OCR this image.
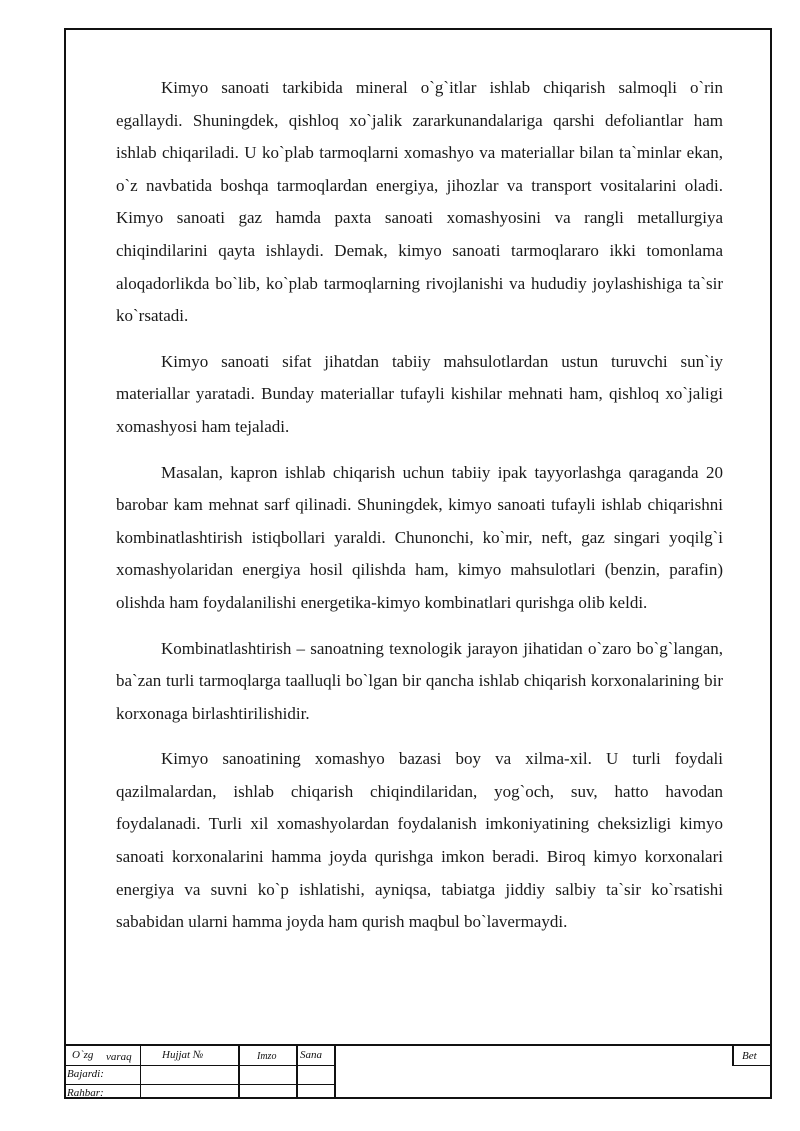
Kimyo sanoati tarkibida mineral o`g`itlar ishlab chiqarish salmoqli o`rin egallaydi. Shuningdek, qishloq xo`jalik zararkunandalariga qarshi defoliantlar ham ishlab chiqariladi. U ko`plab tarmoqlarni xomashyo va materiallar bilan ta`minlar ekan, o`z navbatida boshqa tarmoqlardan energiya, jihozlar va transport vositalarini oladi. Kimyo sanoati gaz hamda paxta sanoati xomashyosini va rangli metallurgiya chiqindilarini qayta ishlaydi. Demak, kimyo sanoati tarmoqlararo ikki tomonlama aloqadorlikda bo`lib, ko`plab tarmoqlarning rivojlanishi va hududiy joylashishiga ta`sir ko`rsatadi.

Kimyo sanoati sifat jihatdan tabiiy mahsulotlardan ustun turuvchi sun`iy materiallar yaratadi. Bunday materiallar tufayli kishilar mehnati ham, qishloq xo`jaligi xomashyosi ham tejaladi.

Masalan, kapron ishlab chiqarish uchun tabiiy ipak tayyorlashga qaraganda 20 barobar kam mehnat sarf qilinadi. Shuningdek, kimyo sanoati tufayli ishlab chiqarishni kombinatlashtirish istiqbollari yaraldi. Chunonchi, ko`mir, neft, gaz singari yoqilg`i xomashyolaridan energiya hosil qilishda ham, kimyo mahsulotlari (benzin, parafin) olishda ham foydalanilishi energetika-kimyo kombinatlari qurishga olib keldi.

Kombinatlashtirish – sanoatning texnologik jarayon jihatidan o`zaro bo`g`langan, ba`zan turli tarmoqlarga taalluqli bo`lgan bir qancha ishlab chiqarish korxonalarining bir korxonaga birlashtirilishidir.

Kimyo sanoatining xomashyo bazasi boy va xilma-xil. U turli foydali qazilmalardan, ishlab chiqarish chiqindilaridan, yog`och, suv, hatto havodan foydalanadi. Turli xil xomashyolardan foydalanish imkoniyatining cheksizligi kimyo sanoati korxonalarini hamma joyda qurishga imkon beradi. Biroq kimyo korxonalari energiya va suvni ko`p ishlatishi, ayniqsa, tabiatga jiddiy salbiy ta`sir ko`rsatishi sababidan ularni hamma joyda ham qurish maqbul bo`lavermaydi.

O`zg varaq	Hujjat №	Imzo Sana	Bet
Bajardi:
Rahbar:
